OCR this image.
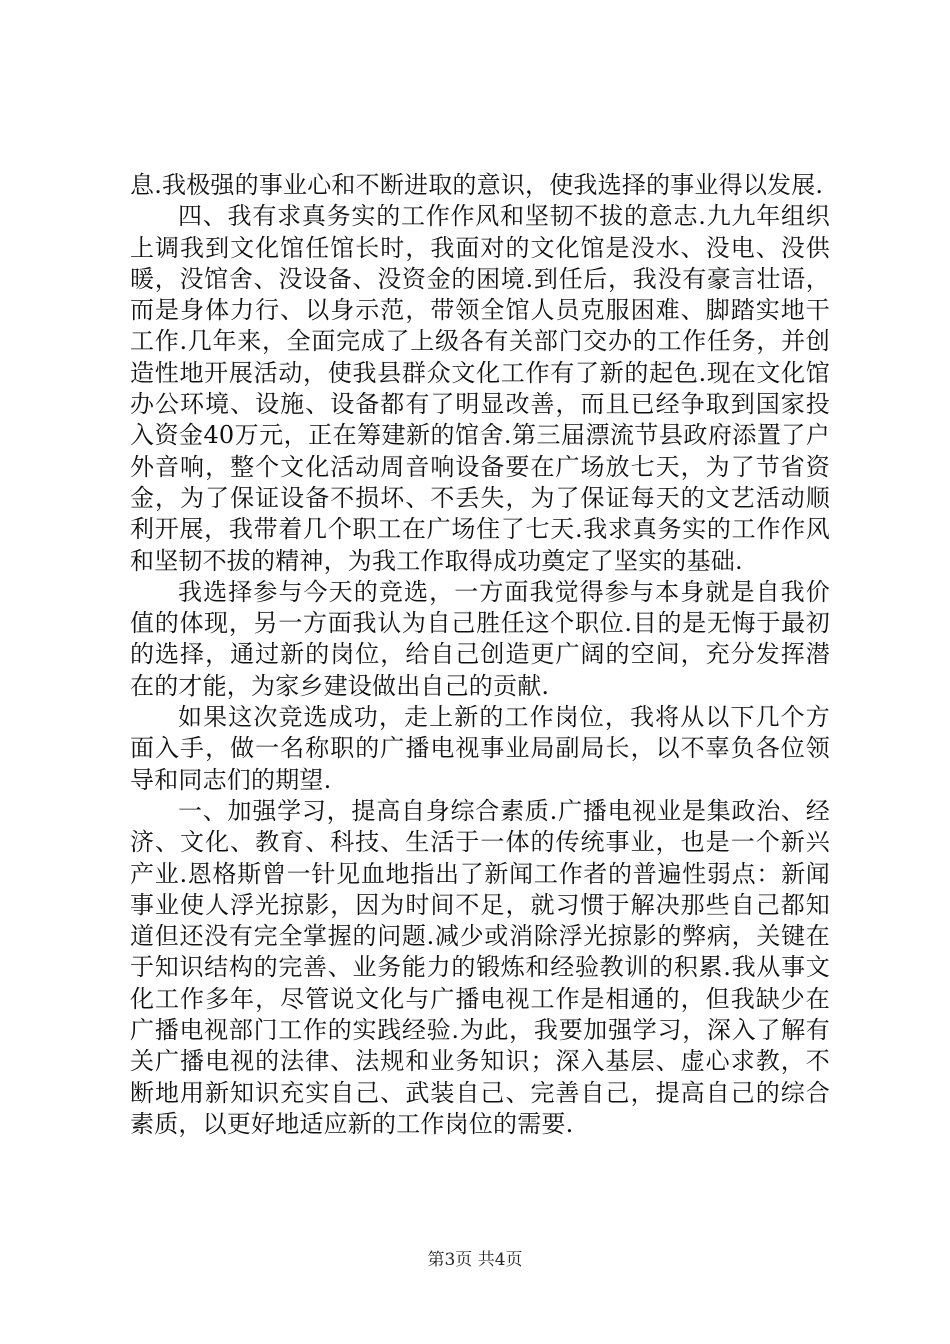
息.我极强的事业心和不断进取的意识，使我选择的事业得以发展.

四、我有求真务实的工作作风和坚韧不拔的意志.九九年组织上调我到文化馆任馆长时，我面对的文化馆是没水、没电、没供暖，没馆舍、没设备、没资金的困境.到任后，我没有豪言壮语，而是身体力行、以身示范，带领全馆人员克服困难、脚踏实地干工作.几年来，全面完成了上级各有关部门交办的工作任务，并创造性地开展活动，使我县群众文化工作有了新的起色.现在文化馆办公环境、设施、设备都有了明显改善，而且已经争取到国家投入资金40万元，正在筹建新的馆舍.第三届漂流节县政府添置了户外音响，整个文化活动周音响设备要在广场放七天，为了节省资金，为了保证设备不损坏、不丢失，为了保证每天的文艺活动顺利开展，我带着几个职工在广场住了七天.我求真务实的工作作风和坚韧不拔的精神，为我工作取得成功奠定了坚实的基础.

我选择参与今天的竞选，一方面我觉得参与本身就是自我价值的体现，另一方面我认为自己胜任这个职位.目的是无悔于最初的选择，通过新的岗位，给自己创造更广阔的空间，充分发挥潜在的才能，为家乡建设做出自己的贡献.

如果这次竞选成功，走上新的工作岗位，我将从以下几个方面入手，做一名称职的广播电视事业局副局长，以不辜负各位领导和同志们的期望.

一、加强学习，提高自身综合素质.广播电视业是集政治、经济、文化、教育、科技、生活于一体的传统事业，也是一个新兴产业.恩格斯曾一针见血地指出了新闻工作者的普遍性弱点：新闻事业使人浮光掠影，因为时间不足，就习惯于解决那些自己都知道但还没有完全掌握的问题.减少或消除浮光掠影的弊病，关键在于知识结构的完善、业务能力的锻炼和经验教训的积累.我从事文化工作多年，尽管说文化与广播电视工作是相通的，但我缺少在广播电视部门工作的实践经验.为此，我要加强学习，深入了解有关广播电视的法律、法规和业务知识；深入基层、虚心求教，不断地用新知识充实自己、武装自己、完善自己，提高自己的综合素质，以更好地适应新的工作岗位的需要.

第3页 共4页
